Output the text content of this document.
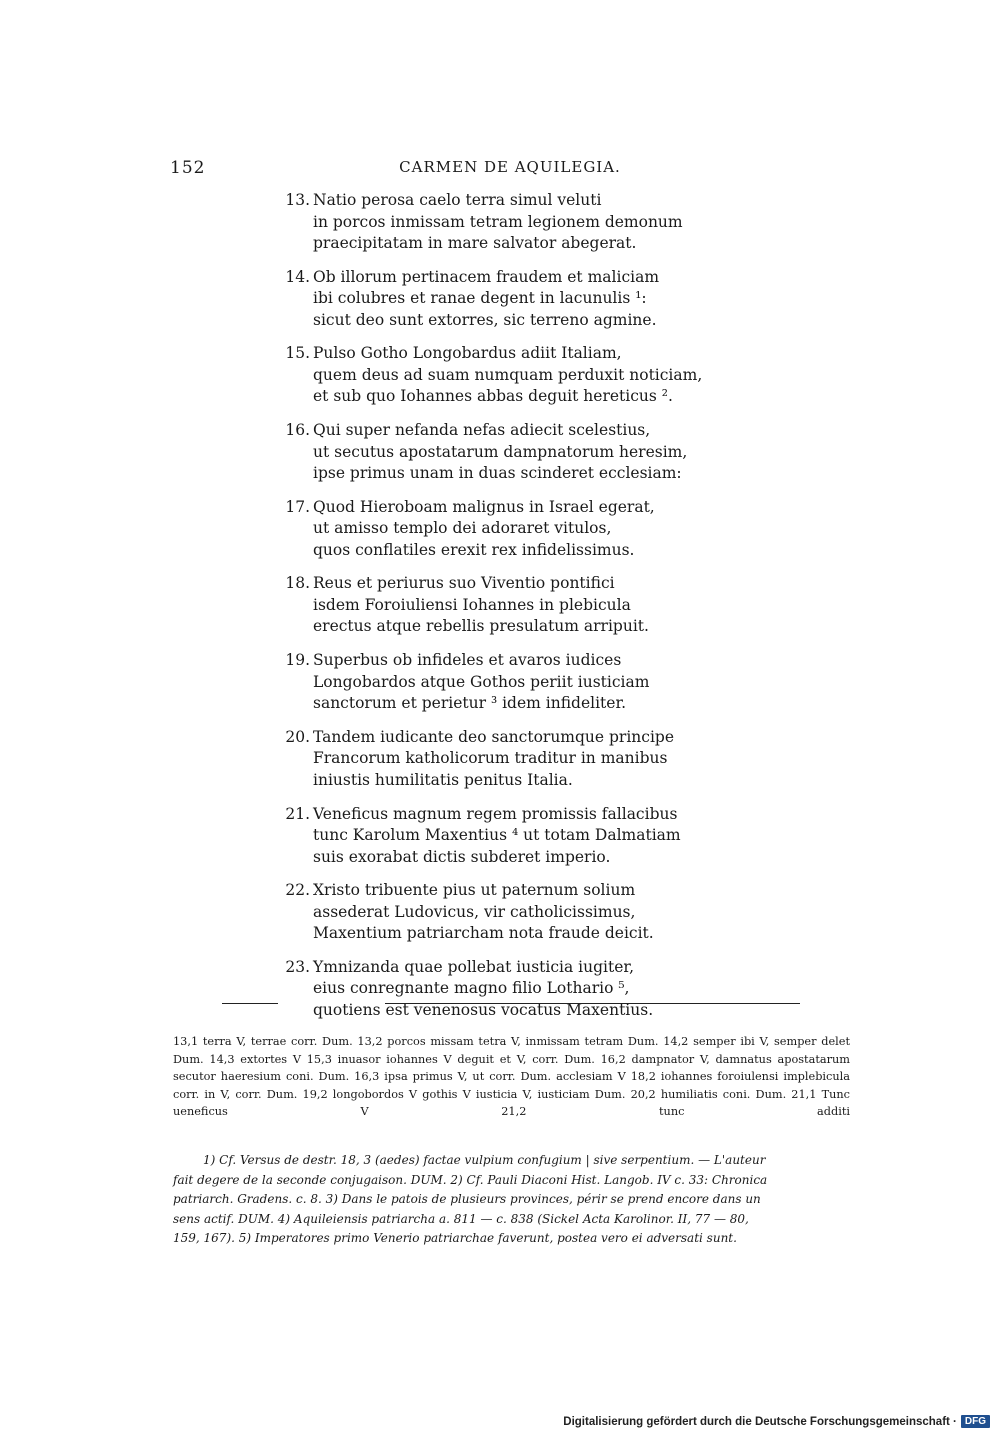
152	CARMEN DE AQUILEGIA.
13. Natio perosa caelo terra simul veluti
in porcos inmissam tetram legionem demonum
praecipitatam in mare salvator abegerat.
14. Ob illorum pertinacem fraudem et maliciam
ibi colubres et ranae degent in lacunulis ¹:
sicut deo sunt extorres, sic terreno agmine.
15. Pulso Gotho Longobardus adiit Italiam,
quem deus ad suam numquam perduxit noticiam,
et sub quo Iohannes abbas deguit hereticus ².
16. Qui super nefanda nefas adiecit scelestius,
ut secutus apostatarum dampnatorum heresim,
ipse primus unam in duas scinderet ecclesiam:
17. Quod Hieroboam malignus in Israel egerat,
ut amisso templo dei adoraret vitulos,
quos conflatiles erexit rex infidelissimus.
18. Reus et periurus suo Viventio pontifici
isdem Foroiuliensi Iohannes in plebicula
erectus atque rebellis presulatum arripuit.
19. Superbus ob infideles et avaros iudices
Longobardos atque Gothos periit iusticiam
sanctorum et perietur ³ idem infideliter.
20. Tandem iudicante deo sanctorumque principe
Francorum katholicorum traditur in manibus
iniustis humilitatis penitus Italia.
21. Veneficus magnum regem promissis fallacibus
tunc Karolum Maxentius ⁴ ut totam Dalmatiam
suis exorabat dictis subderet imperio.
22. Xristo tribuente pius ut paternum solium
assederat Ludovicus, vir catholicissimus,
Maxentium patriarcham nota fraude deicit.
23. Ymnizanda quae pollebat iusticia iugiter,
eius conregnante magno filio Lothario ⁵,
quotiens est venenosus vocatus Maxentius.
13,1 terra V, terrae corr. Dum. 13,2 porcos missam tetra V, inmissam tetram Dum. 14,2 semper ibi V, semper delet Dum. 14,3 extortes V 15,3 inuasor iohannes V deguit et V, corr. Dum. 16,2 dampnator V, damnatus apostatarum secutor haeresium coni. Dum. 16,3 ipsa primus V, ut corr. Dum. acclesiam V 18,2 iohannes foroiulensi implebicula corr. in V, corr. Dum. 19,2 longobordos V gothis V iusticia V, iusticiam Dum. 20,2 humiliatis coni. Dum. 21,1 Tunc ueneficus V 21,2 tunc additi
1) Cf. Versus de destr. 18, 3 (aedes) factae vulpium confugium | sive serpentium. — L'auteur
fait degere de la seconde conjugaison. DUM. 2) Cf. Pauli Diaconi Hist. Langob. IV c. 33: Chronica
patriarch. Gradens. c. 8. 3) Dans le patois de plusieurs provinces, périr se prend encore dans un
sens actif. DUM. 4) Aquileiensis patriarcha a. 811 — c. 838 (Sickel Acta Karolinor. II, 77 — 80,
159, 167). 5) Imperatores primo Venerio patriarchae faverunt, postea vero ei adversati sunt.
Digitalisierung gefördert durch die Deutsche Forschungsgemeinschaft · DFG
